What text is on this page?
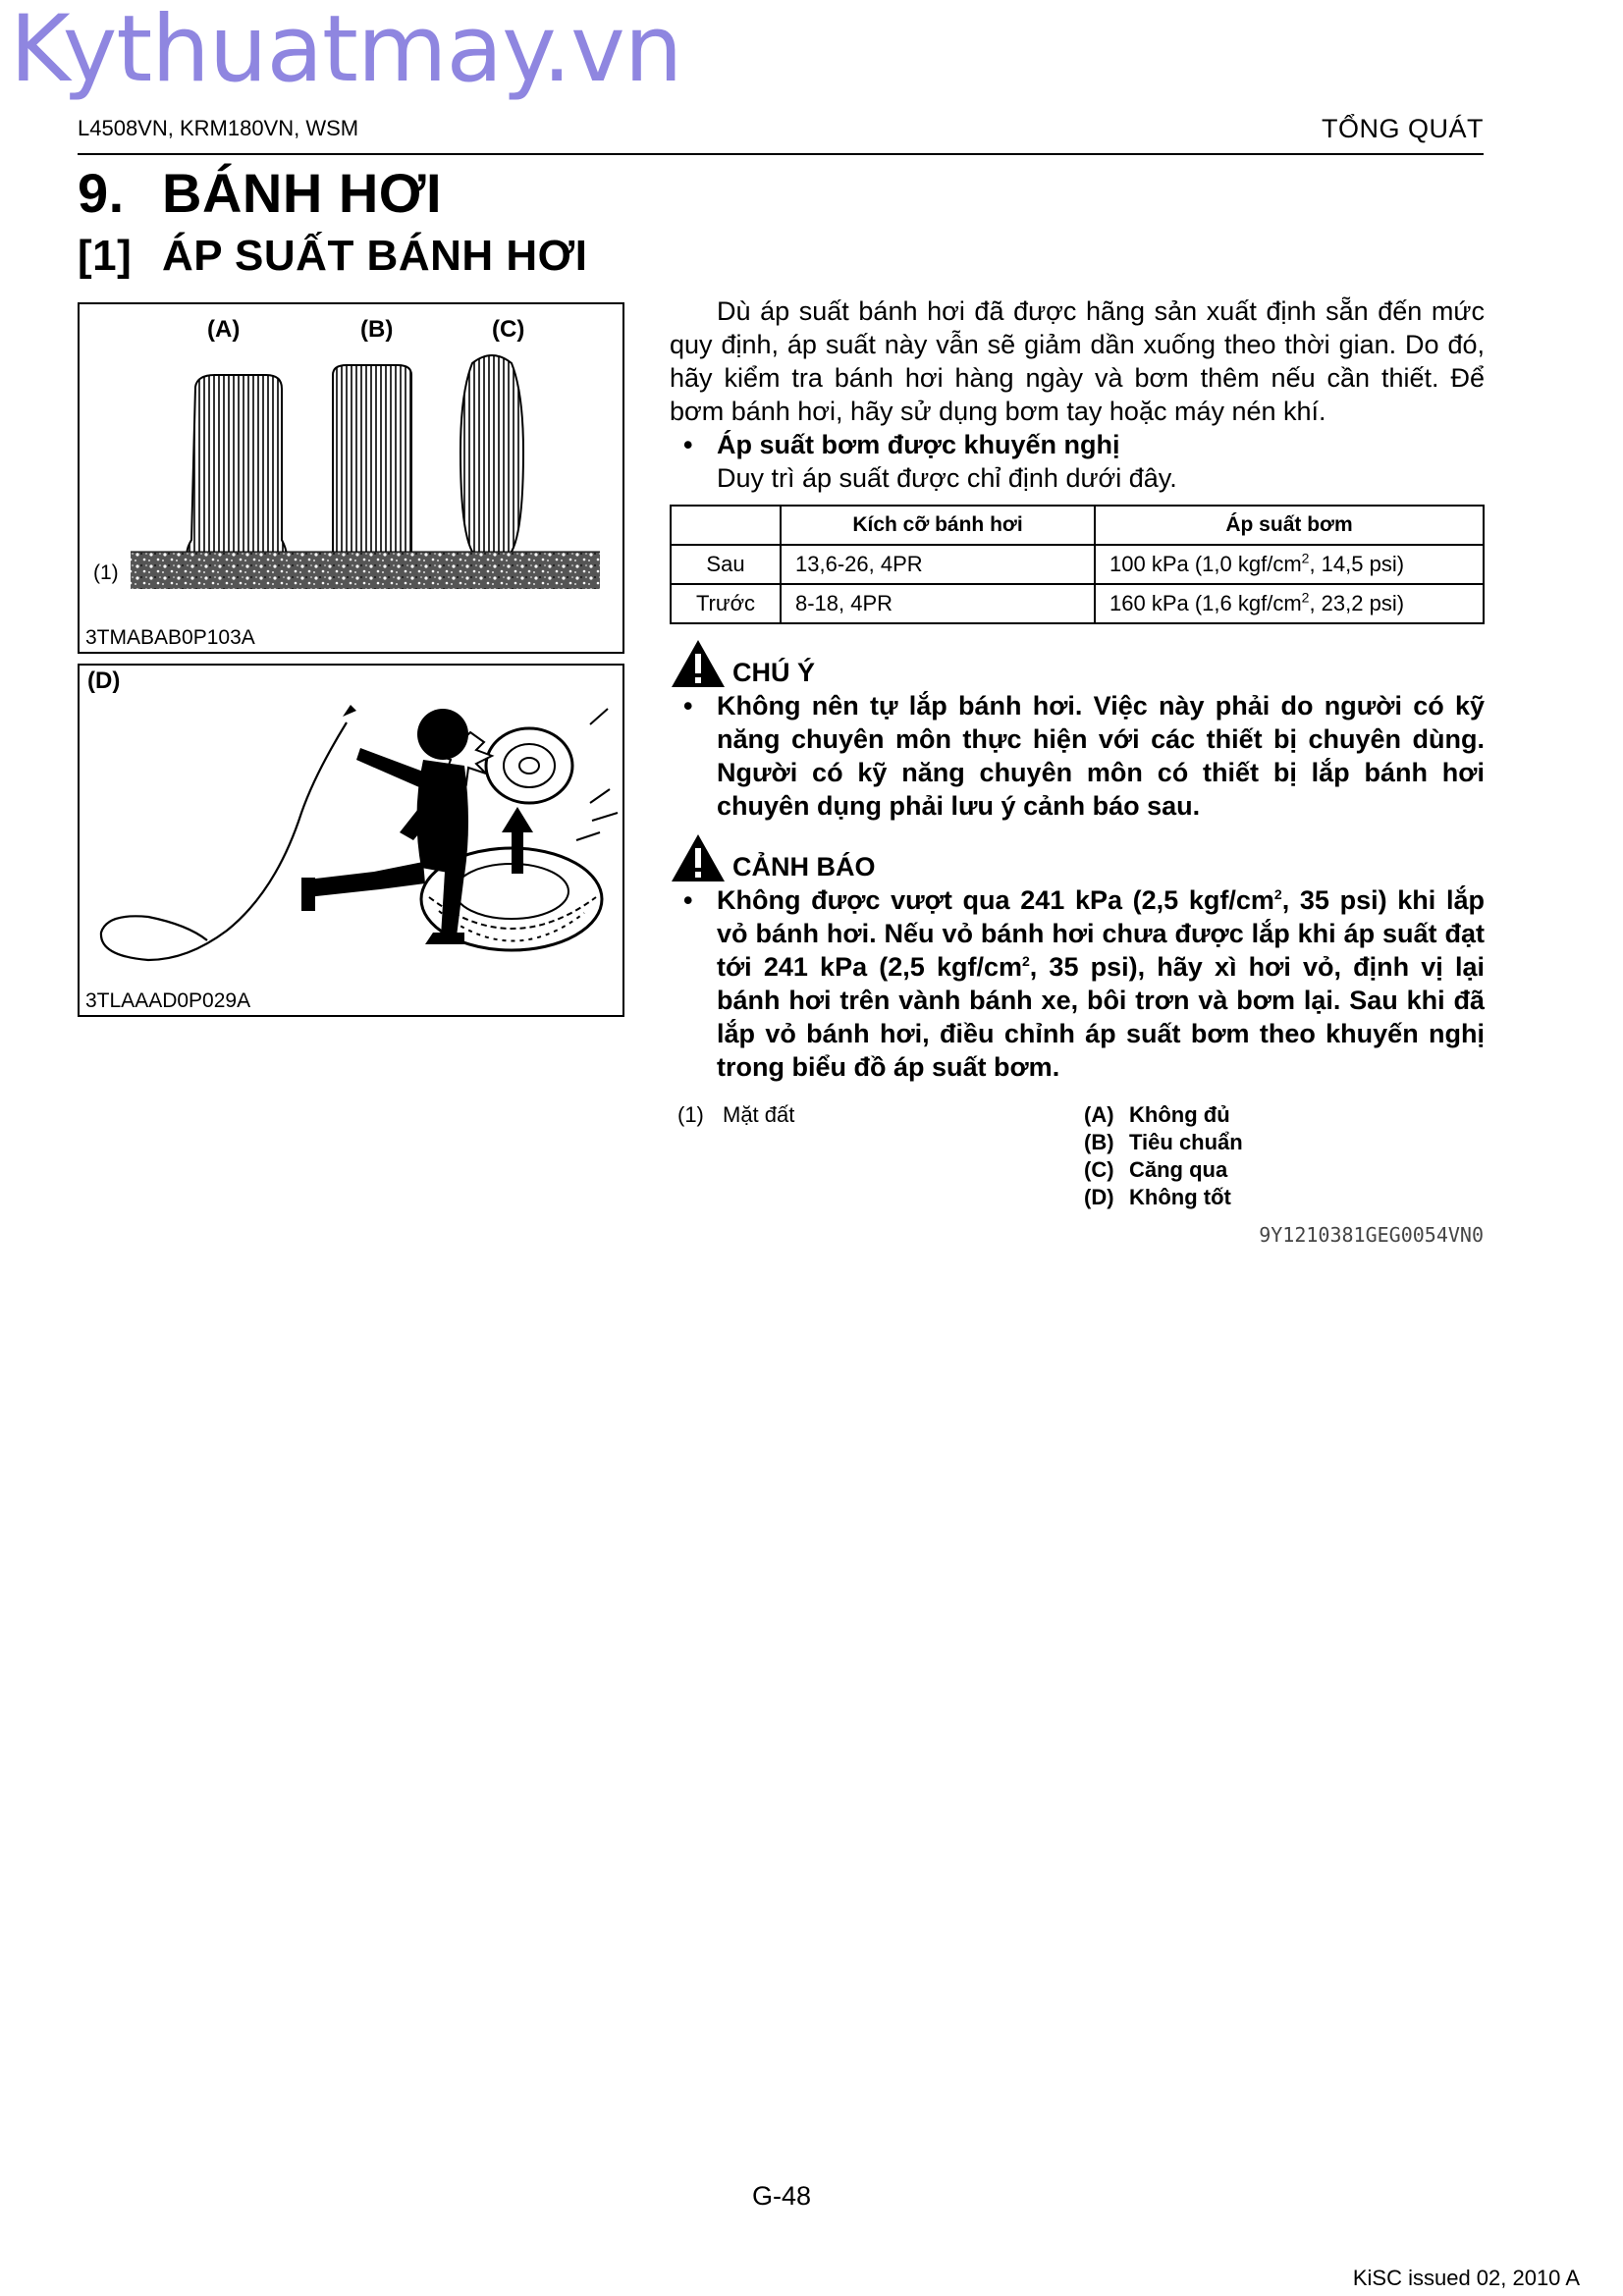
Kythuatmay.vn
L4508VN, KRM180VN, WSM	TỔNG QUÁT
9. BÁNH HƠI
[1] ÁP SUẤT BÁNH HƠI
(A)	(B)	(C)
(1)
3TMABAB0P103A
(D)
3TLAAAD0P029A
Dù áp suất bánh hơi đã được hãng sản xuất định sẵn đến mức quy định, áp suất này vẫn sẽ giảm dần xuống theo thời gian. Do đó, hãy kiểm tra bánh hơi hàng ngày và bơm thêm nếu cần thiết. Để bơm bánh hơi, hãy sử dụng bơm tay hoặc máy nén khí.
• Áp suất bơm được khuyến nghị
Duy trì áp suất được chỉ định dưới đây.
	Kích cỡ bánh hơi	Áp suất bơm
Sau	13,6-26, 4PR	100 kPa (1,0 kgf/$cm^2$, 14,5 psi)
Trước	8-18, 4PR	160 kPa (1,6 kgf/$cm^2$, 23,2 psi)
CHÚ Ý
• Không nên tự lắp bánh hơi. Việc này phải do người có kỹ năng chuyên môn thực hiện với các thiết bị chuyên dùng. Người có kỹ năng chuyên môn có thiết bị lắp bánh hơi chuyên dụng phải lưu ý cảnh báo sau.
CẢNH BÁO
• Không được vượt qua 241 kPa (2,5 kgf/$cm^2$, 35 psi) khi lắp vỏ bánh hơi. Nếu vỏ bánh hơi chưa được lắp khi áp suất đạt tới 241 kPa (2,5 kgf/$cm^2$, 35 psi), hãy xì hơi vỏ, định vị lại bánh hơi trên vành bánh xe, bôi trơn và bơm lại. Sau khi đã lắp vỏ bánh hơi, điều chỉnh áp suất bơm theo khuyến nghị trong biểu đồ áp suất bơm.
(1) Mặt đất	(A) Không đủ
(B) Tiêu chuẩn
(C) Căng qua
(D) Không tốt
9Y1210381GEG0054VN0
G-48
KiSC issued 02, 2010 A
